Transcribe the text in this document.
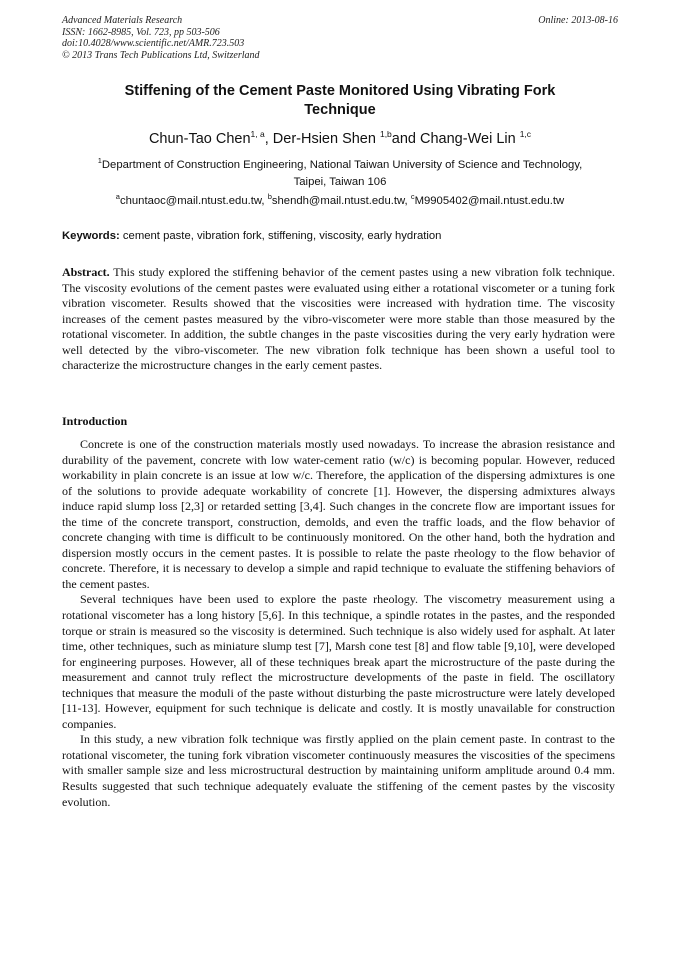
Advanced Materials Research
ISSN: 1662-8985, Vol. 723, pp 503-506
doi:10.4028/www.scientific.net/AMR.723.503
© 2013 Trans Tech Publications Ltd, Switzerland
Online: 2013-08-16
Stiffening of the Cement Paste Monitored Using Vibrating Fork
Technique
Chun-Tao Chen$^{1, a}$, Der-Hsien Shen $^{1,b}$and Chang-Wei Lin $^{1,c}$
$^1$Department of Construction Engineering, National Taiwan University of Science and Technology,
Taipei, Taiwan 106
$^a$chuntaoc@mail.ntust.edu.tw, $^b$shendh@mail.ntust.edu.tw, $^c$M9905402@mail.ntust.edu.tw
Keywords: cement paste, vibration fork, stiffening, viscosity, early hydration
Abstract. This study explored the stiffening behavior of the cement pastes using a new vibration folk technique. The viscosity evolutions of the cement pastes were evaluated using either a rotational viscometer or a tuning fork vibration viscometer. Results showed that the viscosities were increased with hydration time. The viscosity increases of the cement pastes measured by the vibro-viscometer were more stable than those measured by the rotational viscometer. In addition, the subtle changes in the paste viscosities during the very early hydration were well detected by the vibro-viscometer. The new vibration folk technique has been shown a useful tool to characterize the microstructure changes in the early cement pastes.
Introduction

Concrete is one of the construction materials mostly used nowadays. To increase the abrasion resistance and durability of the pavement, concrete with low water-cement ratio (w/c) is becoming popular. However, reduced workability in plain concrete is an issue at low w/c. Therefore, the application of the dispersing admixtures is one of the solutions to provide adequate workability of concrete [1]. However, the dispersing admixtures always induce rapid slump loss [2,3] or retarded setting [3,4]. Such changes in the concrete flow are important issues for the time of the concrete transport, construction, demolds, and even the traffic loads, and the flow behavior of concrete changing with time is difficult to be continuously monitored. On the other hand, both the hydration and dispersion mostly occurs in the cement pastes. It is possible to relate the paste rheology to the flow behavior of concrete. Therefore, it is necessary to develop a simple and rapid technique to evaluate the stiffening behaviors of the cement pastes.

Several techniques have been used to explore the paste rheology. The viscometry measurement using a rotational viscometer has a long history [5,6]. In this technique, a spindle rotates in the pastes, and the responded torque or strain is measured so the viscosity is determined. Such technique is also widely used for asphalt. At later time, other techniques, such as miniature slump test [7], Marsh cone test [8] and flow table [9,10], were developed for engineering purposes. However, all of these techniques break apart the microstructure of the paste during the measurement and cannot truly reflect the microstructure developments of the paste in field. The oscillatory techniques that measure the moduli of the paste without disturbing the paste microstructure were lately developed [11-13]. However, equipment for such technique is delicate and costly. It is mostly unavailable for construction companies.

In this study, a new vibration folk technique was firstly applied on the plain cement paste. In contrast to the rotational viscometer, the tuning fork vibration viscometer continuously measures the viscosities of the specimens with smaller sample size and less microstructural destruction by maintaining uniform amplitude around 0.4 mm. Results suggested that such technique adequately evaluate the stiffening of the cement pastes by the viscosity evolution.
